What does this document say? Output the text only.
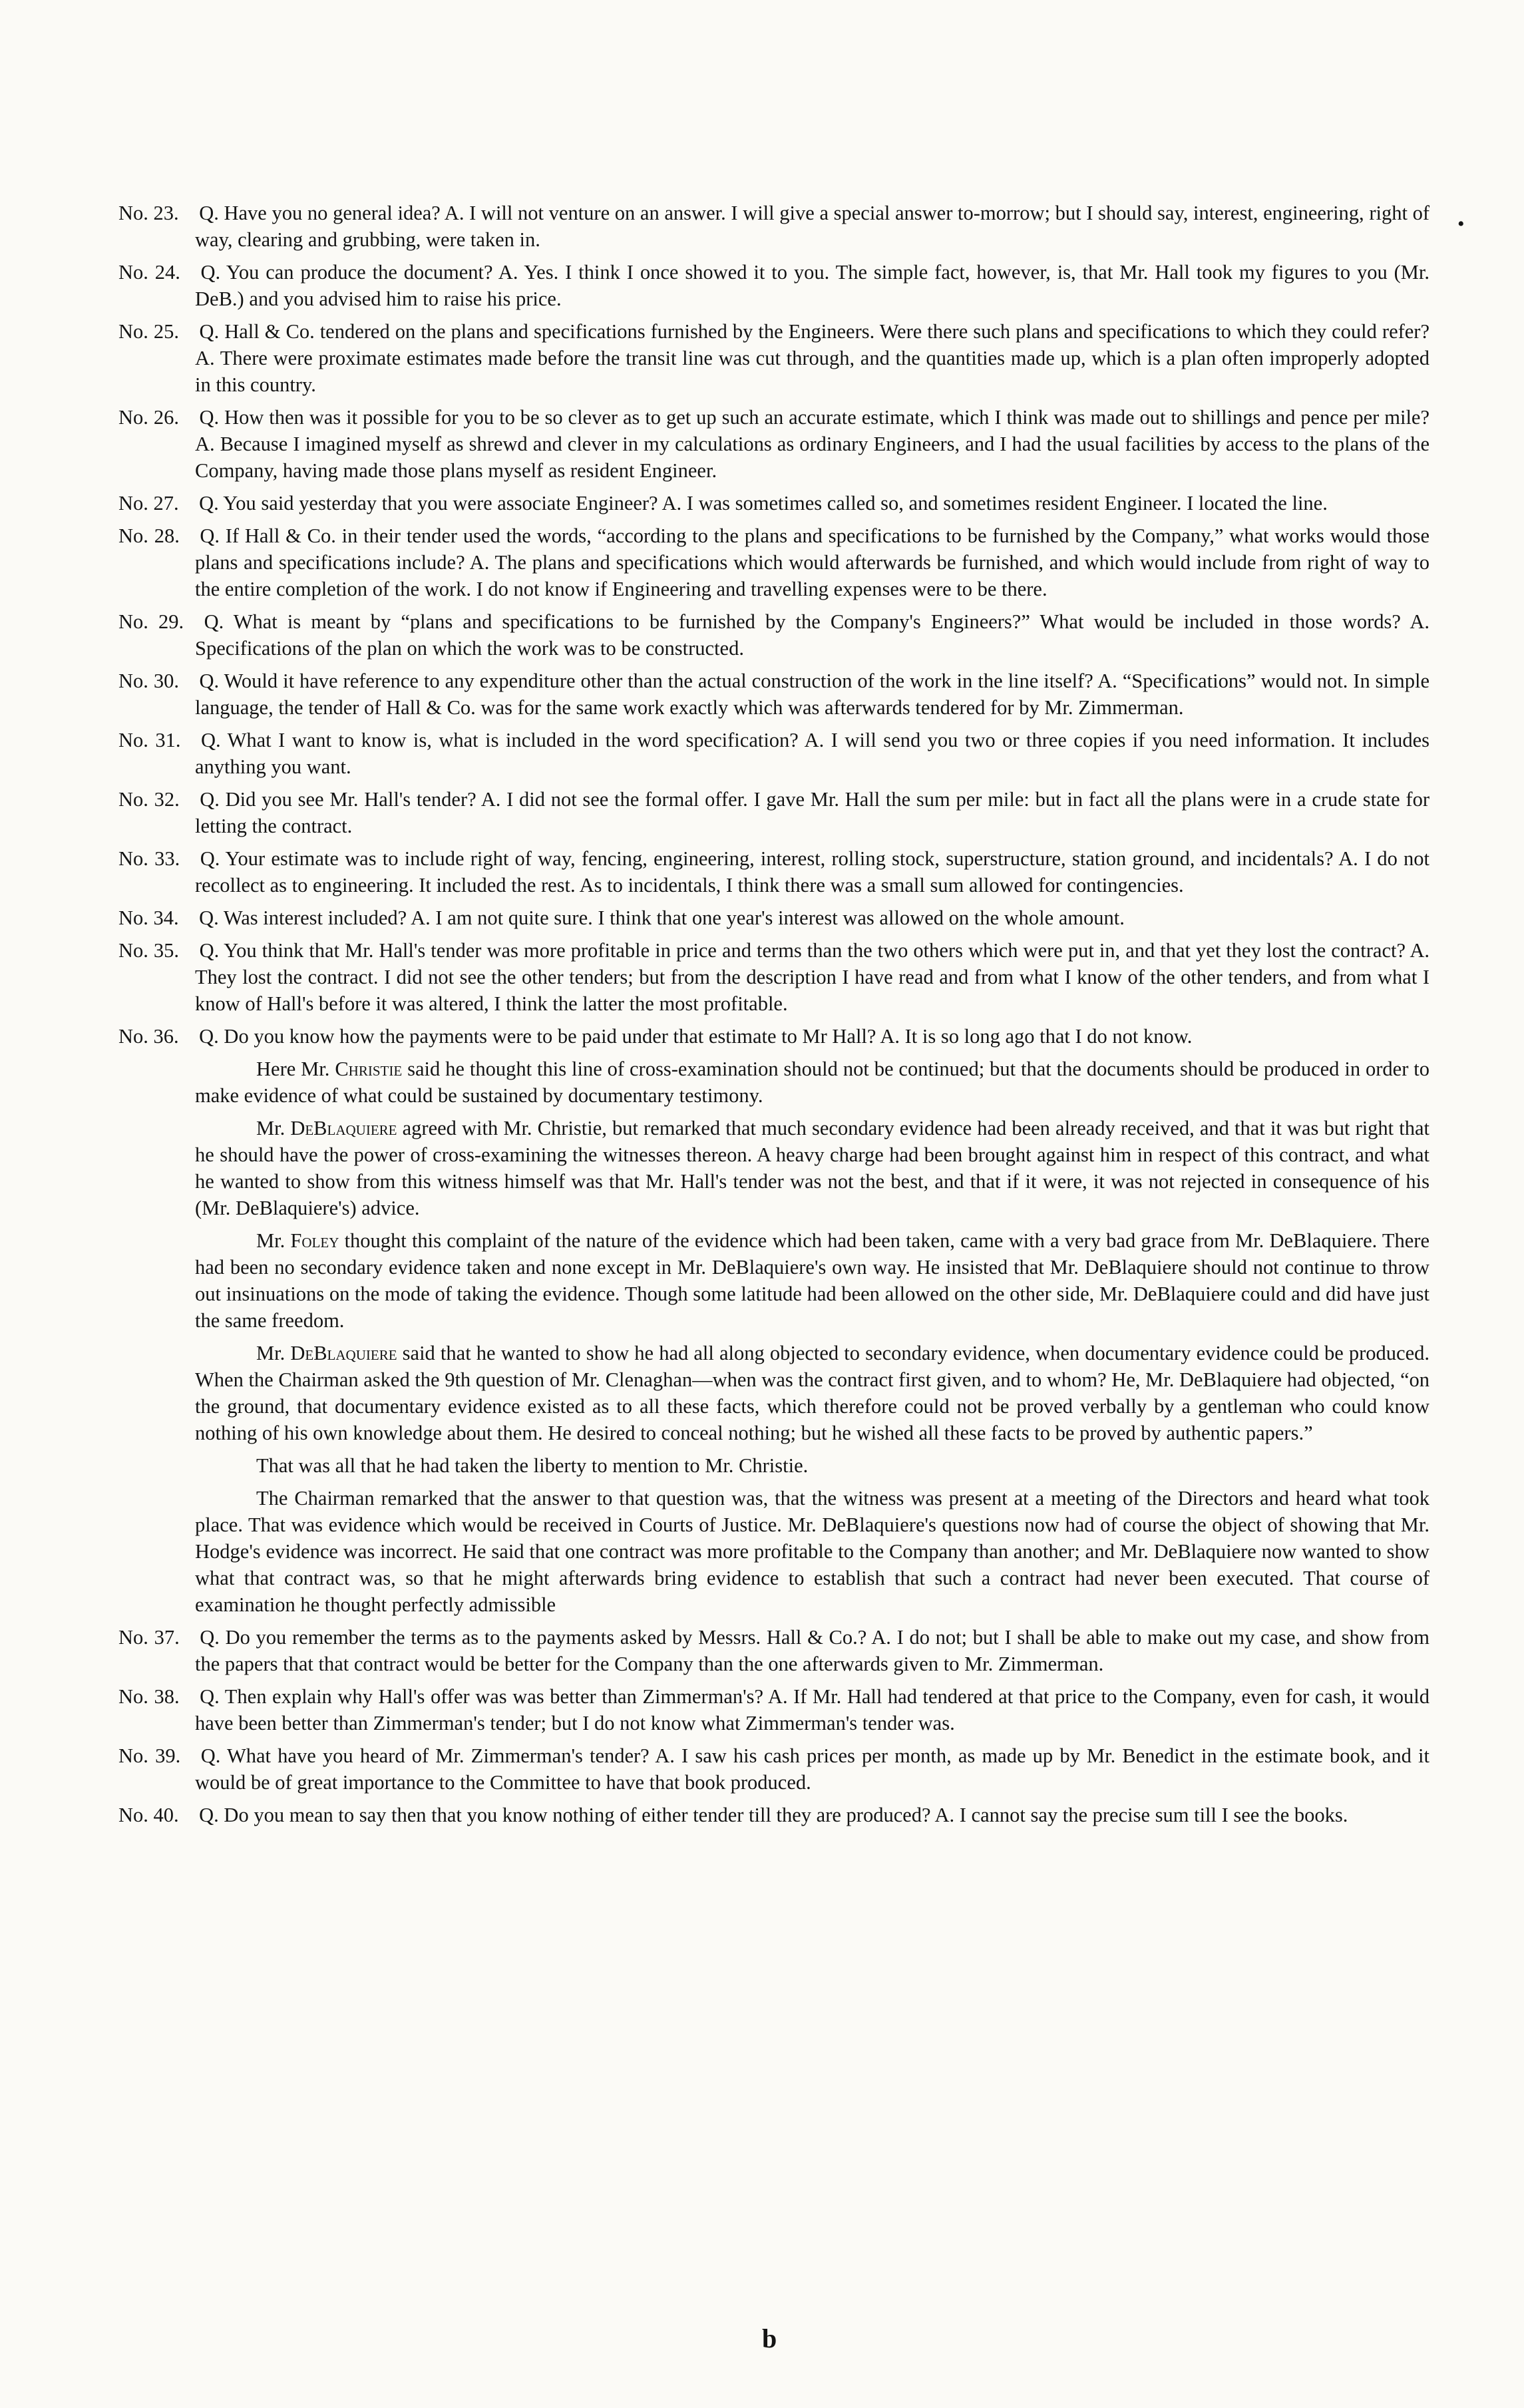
No. 23.  Q. Have you no general idea? A. I will not venture on an answer. I will give a special answer to-morrow; but I should say, interest, engineering, right of way, clearing and grubbing, were taken in.

No. 24.  Q. You can produce the document? A. Yes. I think I once showed it to you. The simple fact, however, is, that Mr. Hall took my figures to you (Mr. DeB.) and you advised him to raise his price.

No. 25.  Q. Hall & Co. tendered on the plans and specifications furnished by the Engineers. Were there such plans and specifications to which they could refer? A. There were proximate estimates made before the transit line was cut through, and the quantities made up, which is a plan often improperly adopted in this country.

No. 26.  Q. How then was it possible for you to be so clever as to get up such an accurate estimate, which I think was made out to shillings and pence per mile? A. Because I imagined myself as shrewd and clever in my calculations as ordinary Engineers, and I had the usual facilities by access to the plans of the Company, having made those plans myself as resident Engineer.

No. 27.  Q. You said yesterday that you were associate Engineer? A. I was sometimes called so, and sometimes resident Engineer. I located the line.

No. 28.  Q. If Hall & Co. in their tender used the words, “according to the plans and specifications to be furnished by the Company,” what works would those plans and specifications include? A. The plans and specifications which would afterwards be furnished, and which would include from right of way to the entire completion of the work. I do not know if Engineering and travelling expenses were to be there.

No. 29.  Q. What is meant by “plans and specifications to be furnished by the Company's Engineers?” What would be included in those words? A. Specifications of the plan on which the work was to be constructed.

No. 30.  Q. Would it have reference to any expenditure other than the actual construction of the work in the line itself? A. “Specifications” would not. In simple language, the tender of Hall & Co. was for the same work exactly which was afterwards tendered for by Mr. Zimmerman.

No. 31.  Q. What I want to know is, what is included in the word specification? A. I will send you two or three copies if you need information. It includes anything you want.

No. 32.  Q. Did you see Mr. Hall's tender? A. I did not see the formal offer. I gave Mr. Hall the sum per mile: but in fact all the plans were in a crude state for letting the contract.

No. 33.  Q. Your estimate was to include right of way, fencing, engineering, interest, rolling stock, superstructure, station ground, and incidentals? A. I do not recollect as to engineering. It included the rest. As to incidentals, I think there was a small sum allowed for contingencies.

No. 34.  Q. Was interest included? A. I am not quite sure. I think that one year's interest was allowed on the whole amount.

No. 35.  Q. You think that Mr. Hall's tender was more profitable in price and terms than the two others which were put in, and that yet they lost the contract? A. They lost the contract. I did not see the other tenders; but from the description I have read and from what I know of the other tenders, and from what I know of Hall's before it was altered, I think the latter the most profitable.

No. 36.  Q. Do you know how the payments were to be paid under that estimate to Mr Hall? A. It is so long ago that I do not know.

Here Mr. Christie said he thought this line of cross-examination should not be continued; but that the documents should be produced in order to make evidence of what could be sustained by documentary testimony.

Mr. DeBlaquiere agreed with Mr. Christie, but remarked that much secondary evidence had been already received, and that it was but right that he should have the power of cross-examining the witnesses thereon. A heavy charge had been brought against him in respect of this contract, and what he wanted to show from this witness himself was that Mr. Hall's tender was not the best, and that if it were, it was not rejected in consequence of his (Mr. DeBlaquiere's) advice.

Mr. Foley thought this complaint of the nature of the evidence which had been taken, came with a very bad grace from Mr. DeBlaquiere. There had been no secondary evidence taken and none except in Mr. DeBlaquiere's own way. He insisted that Mr. DeBlaquiere should not continue to throw out insinuations on the mode of taking the evidence. Though some latitude had been allowed on the other side, Mr. DeBlaquiere could and did have just the same freedom.

Mr. DeBlaquiere said that he wanted to show he had all along objected to secondary evidence, when documentary evidence could be produced. When the Chairman asked the 9th question of Mr. Clenaghan—when was the contract first given, and to whom? He, Mr. DeBlaquiere had objected, “on the ground, that documentary evidence existed as to all these facts, which therefore could not be proved verbally by a gentleman who could know nothing of his own knowledge about them. He desired to conceal nothing; but he wished all these facts to be proved by authentic papers.”

That was all that he had taken the liberty to mention to Mr. Christie.

The Chairman remarked that the answer to that question was, that the witness was present at a meeting of the Directors and heard what took place. That was evidence which would be received in Courts of Justice. Mr. DeBlaquiere's questions now had of course the object of showing that Mr. Hodge's evidence was incorrect. He said that one contract was more profitable to the Company than another; and Mr. DeBlaquiere now wanted to show what that contract was, so that he might afterwards bring evidence to establish that such a contract had never been executed. That course of examination he thought perfectly admissible

No. 37.  Q. Do you remember the terms as to the payments asked by Messrs. Hall & Co.? A. I do not; but I shall be able to make out my case, and show from the papers that that contract would be better for the Company than the one afterwards given to Mr. Zimmerman.

No. 38.  Q. Then explain why Hall's offer was was better than Zimmerman's? A. If Mr. Hall had tendered at that price to the Company, even for cash, it would have been better than Zimmerman's tender; but I do not know what Zimmerman's tender was.

No. 39.  Q. What have you heard of Mr. Zimmerman's tender? A. I saw his cash prices per month, as made up by Mr. Benedict in the estimate book, and it would be of great importance to the Committee to have that book produced.

No. 40.  Q. Do you mean to say then that you know nothing of either tender till they are produced? A. I cannot say the precise sum till I see the books.

•
b
